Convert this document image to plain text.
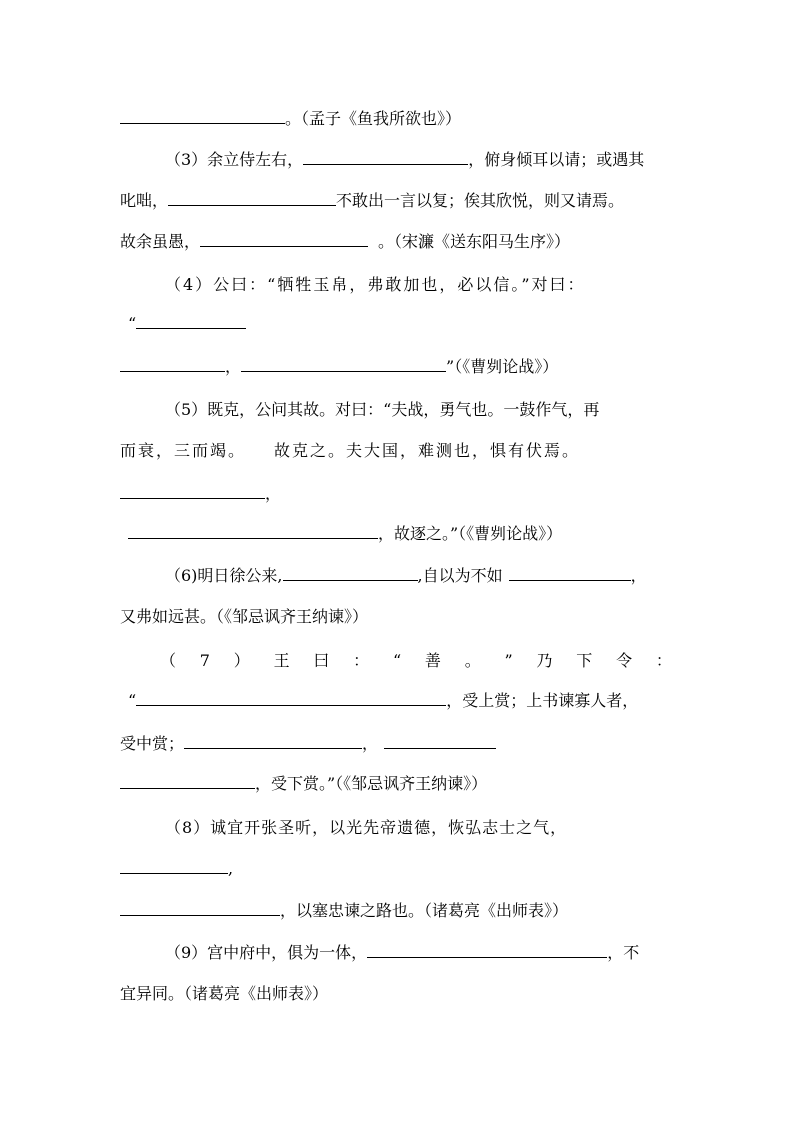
。（孟子《鱼我所欲也》）
（3）余立侍左右，	，俯身倾耳以请；或遇其
叱咄，	不敢出一言以复；俟其欣悦，则又请焉。
故余虽愚，	。（宋濂《送东阳马生序》）
（4）公曰：“牺牲玉帛，弗敢加也，必以信。”对曰：
“
，	”（《曹刿论战》）
（5）既克，公问其故。对曰：“夫战，勇气也。一鼓作气，再
而衰，三而竭。　　故克之。夫大国，难测也，惧有伏焉。
，
，故逐之。”（《曹刿论战》）
（6)明日徐公来,	,自以为不如	，
又弗如远甚。（《邹忌讽齐王纳谏》）
（ 7 ） 王 曰 ： “ 善 。 ” 乃 下 令 ：
“	，受上赏；上书谏寡人者，
受中赏；	，
，受下赏。”（《邹忌讽齐王纳谏》）
（8）诚宜开张圣听，以光先帝遗德，恢弘志士之气，
,
，以塞忠谏之路也。（诸葛亮《出师表》）
（9）宫中府中，俱为一体，	，不
宜异同。（诸葛亮《出师表》）
